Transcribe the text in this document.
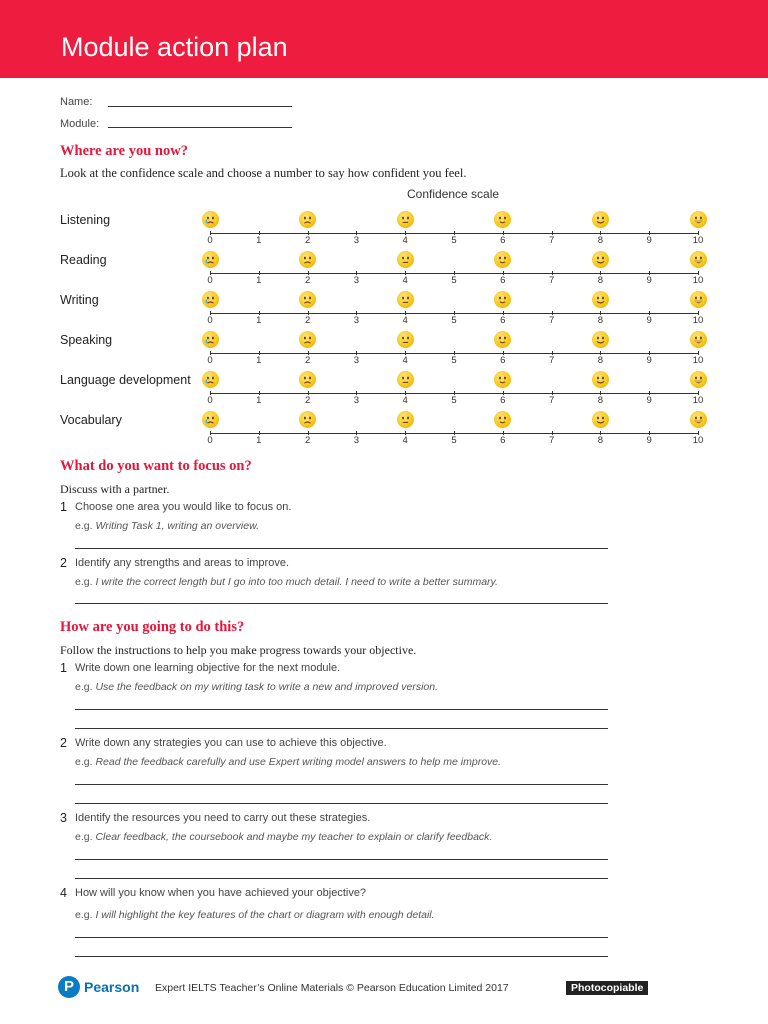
Module action plan
Name:
Module:
Where are you now?
Look at the confidence scale and choose a number to say how confident you feel.
Confidence scale
Listening
0	1	2	3	4	5	6	7	8	9	10
Reading
0	1	2	3	4	5	6	7	8	9	10
Writing
0	1	2	3	4	5	6	7	8	9	10
Speaking
0	1	2	3	4	5	6	7	8	9	10
Language development
0	1	2	3	4	5	6	7	8	9	10
Vocabulary
0	1	2	3	4	5	6	7	8	9	10
What do you want to focus on?
Discuss with a partner.
1 Choose one area you would like to focus on.
e.g. Writing Task 1, writing an overview.
2 Identify any strengths and areas to improve.
e.g. I write the correct length but I go into too much detail. I need to write a better summary.
How are you going to do this?
Follow the instructions to help you make progress towards your objective.
1 Write down one learning objective for the next module.
e.g. Use the feedback on my writing task to write a new and improved version.
2 Write down any strategies you can use to achieve this objective.
e.g. Read the feedback carefully and use Expert writing model answers to help me improve.
3 Identify the resources you need to carry out these strategies.
e.g. Clear feedback, the coursebook and maybe my teacher to explain or clarify feedback.
4 How will you know when you have achieved your objective?
e.g. I will highlight the key features of the chart or diagram with enough detail.
P Pearson Expert IELTS Teacher’s Online Materials © Pearson Education Limited 2017	Photocopiable
